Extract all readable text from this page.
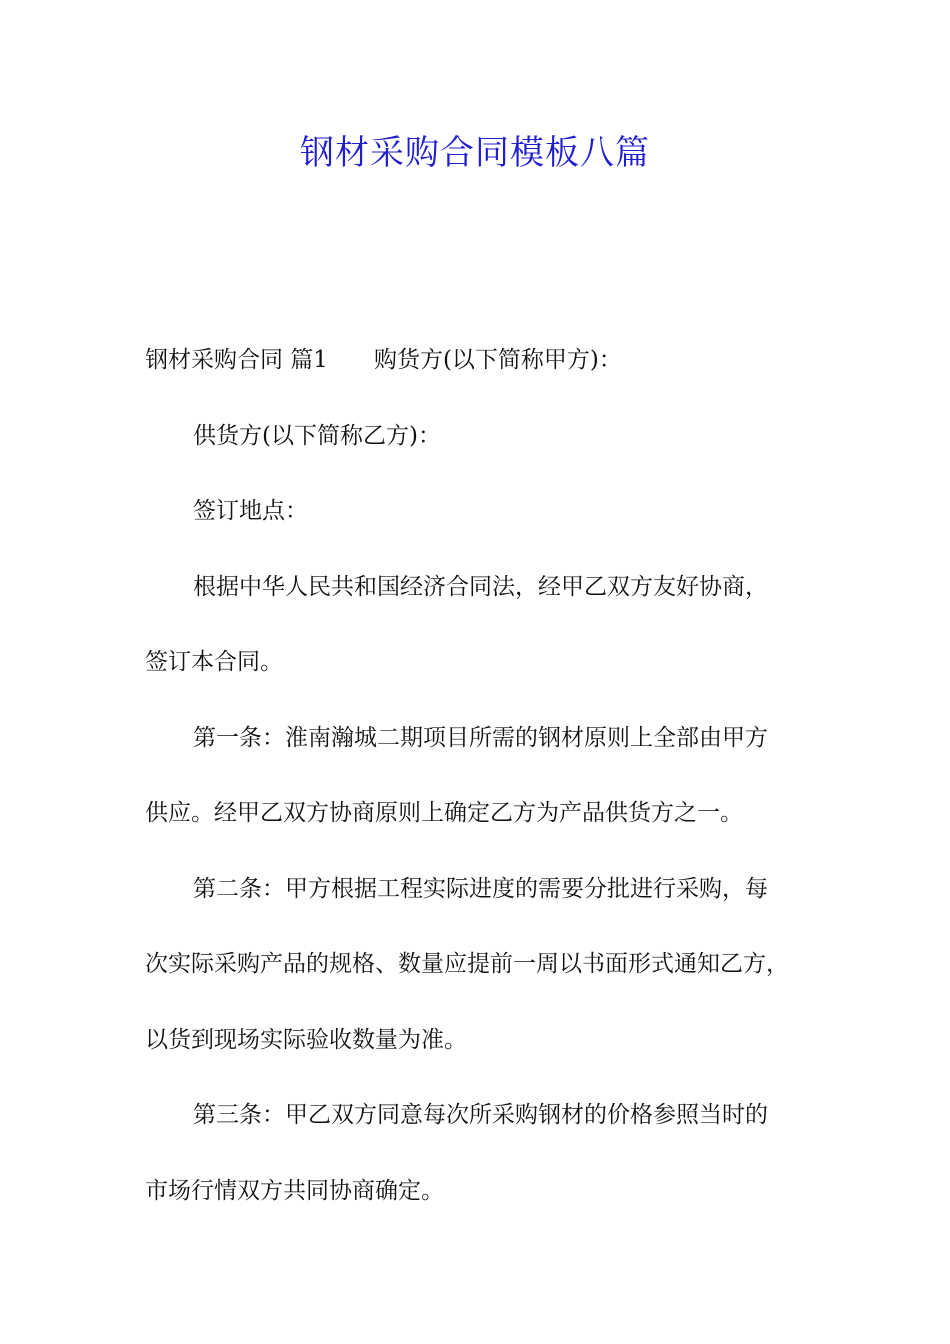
钢材采购合同模板八篇
钢材采购合同 篇1 购货方(以下简称甲方)：
供货方(以下简称乙方)：
签订地点：
根据中华人民共和国经济合同法，经甲乙双方友好协商，
签订本合同。
第一条：淮南瀚城二期项目所需的钢材原则上全部由甲方
供应。经甲乙双方协商原则上确定乙方为产品供货方之一。
第二条：甲方根据工程实际进度的需要分批进行采购，每
次实际采购产品的规格、数量应提前一周以书面形式通知乙方，
以货到现场实际验收数量为准。
第三条：甲乙双方同意每次所采购钢材的价格参照当时的
市场行情双方共同协商确定。
